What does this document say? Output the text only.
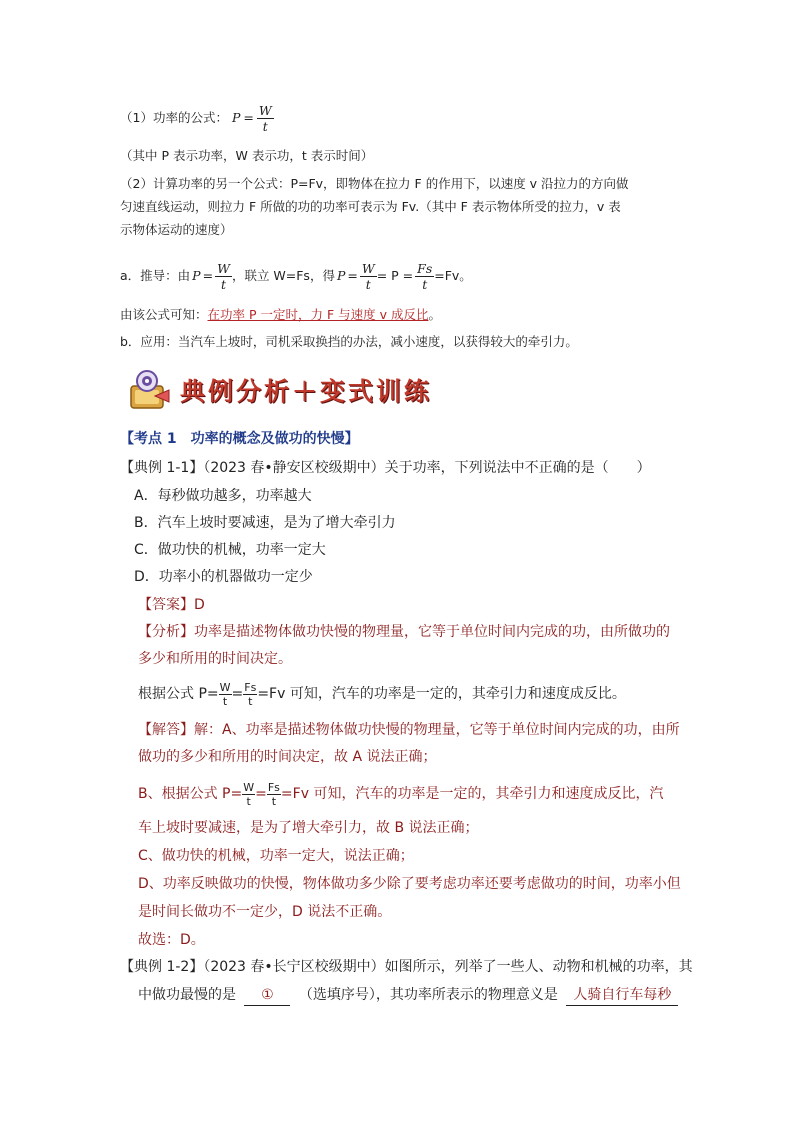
（1）功率的公式： $P = \frac{W}{t}$
（其中 P 表示功率，W 表示功，t 表示时间）
（2）计算功率的另一个公式：P=Fv，即物体在拉力 F 的作用下，以速度 v 沿拉力的方向做
匀速直线运动，则拉力 F 所做的功的功率可表示为 Fv.（其中 F 表示物体所受的拉力，v 表
示物体运动的速度）
a．推导：由 $P = \frac{W}{t}$ ，联立 W=Fs，得 $P = \frac{W}{t} = P = \frac{Fs}{t} =Fv$。
由该公式可知：在功率 P 一定时，力 F 与速度 v 成反比。
b．应用：当汽车上坡时，司机采取换挡的办法，减小速度，以获得较大的牵引力。
典例分析＋变式训练
【考点 1　功率的概念及做功的快慢】
【典例 1-1】（2023 春•静安区校级期中）关于功率，下列说法中不正确的是（　　）
A．每秒做功越多，功率越大
B．汽车上坡时要减速，是为了增大牵引力
C．做功快的机械，功率一定大
D．功率小的机器做功一定少
【答案】D
【分析】功率是描述物体做功快慢的物理量，它等于单位时间内完成的功，由所做功的
多少和所用的时间决定。
根据公式 $P= \frac{W}{t} = \frac{Fs}{t} =Fv$ 可知，汽车的功率是一定的，其牵引力和速度成反比。
【解答】解：A、功率是描述物体做功快慢的物理量，它等于单位时间内完成的功，由所
做功的多少和所用的时间决定，故 A 说法正确；
B、根据公式 $P= \frac{W}{t} = \frac{Fs}{t} =Fv$ 可知，汽车的功率是一定的，其牵引力和速度成反比，汽
车上坡时要减速，是为了增大牵引力，故 B 说法正确；
C、做功快的机械，功率一定大，说法正确；
D、功率反映做功的快慢，物体做功多少除了要考虑功率还要考虑做功的时间，功率小但
是时间长做功不一定少，D 说法不正确。
故选：D。
【典例 1-2】（2023 春•长宁区校级期中）如图所示，列举了一些人、动物和机械的功率，其
中做功最慢的是 ① （选填序号），其功率所表示的物理意义是 人骑自行车每秒
